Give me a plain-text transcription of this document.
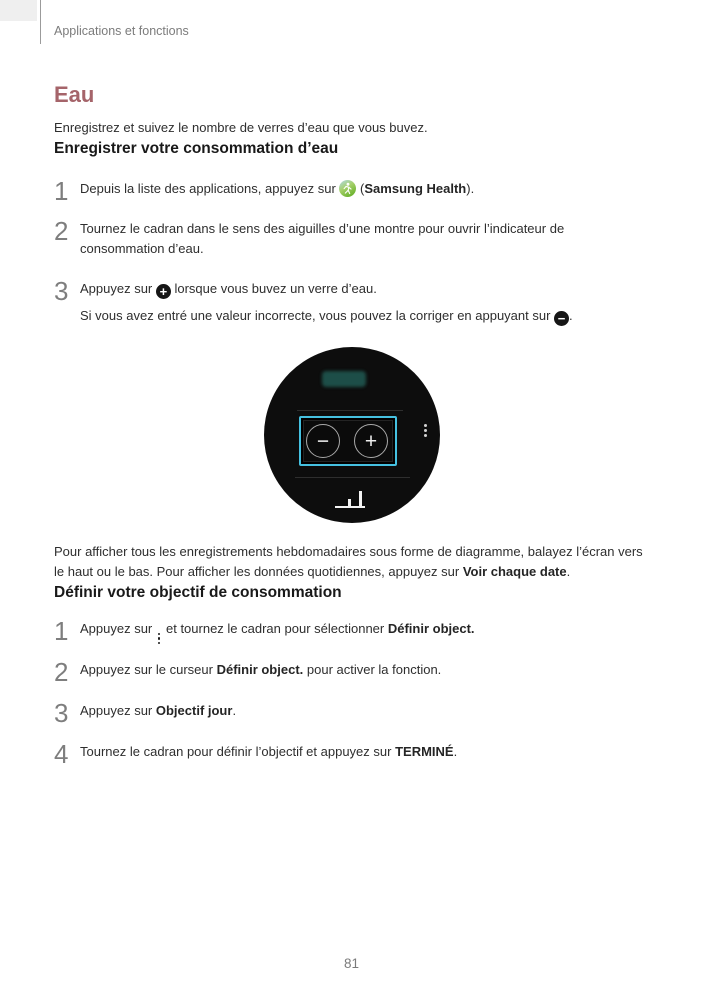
Applications et fonctions

Eau

Enregistrez et suivez le nombre de verres d’eau que vous buvez.

Enregistrer votre consommation d’eau
1 Depuis la liste des applications, appuyez sur
(Samsung Health).

2 Tournez le cadran dans le sens des aiguilles d’une montre pour ouvrir l’indicateur de consommation d’eau.

3 Appuyez sur + lorsque vous buvez un verre d’eau.

Si vous avez entré une valeur incorrecte, vous pouvez la corriger en appuyant sur − .

−	+

Pour afficher tous les enregistrements hebdomadaires sous forme de diagramme, balayez l’écran vers le haut ou le bas. Pour afficher les données quotidiennes, appuyez sur Voir chaque date.

Définir votre objectif de consommation
1 Appuyez sur
et tournez le cadran pour sélectionner Définir object.

2 Appuyez sur le curseur Définir object. pour activer la fonction.

3 Appuyez sur Objectif jour.

4 Tournez le cadran pour définir l’objectif et appuyez sur TERMINÉ.

81
